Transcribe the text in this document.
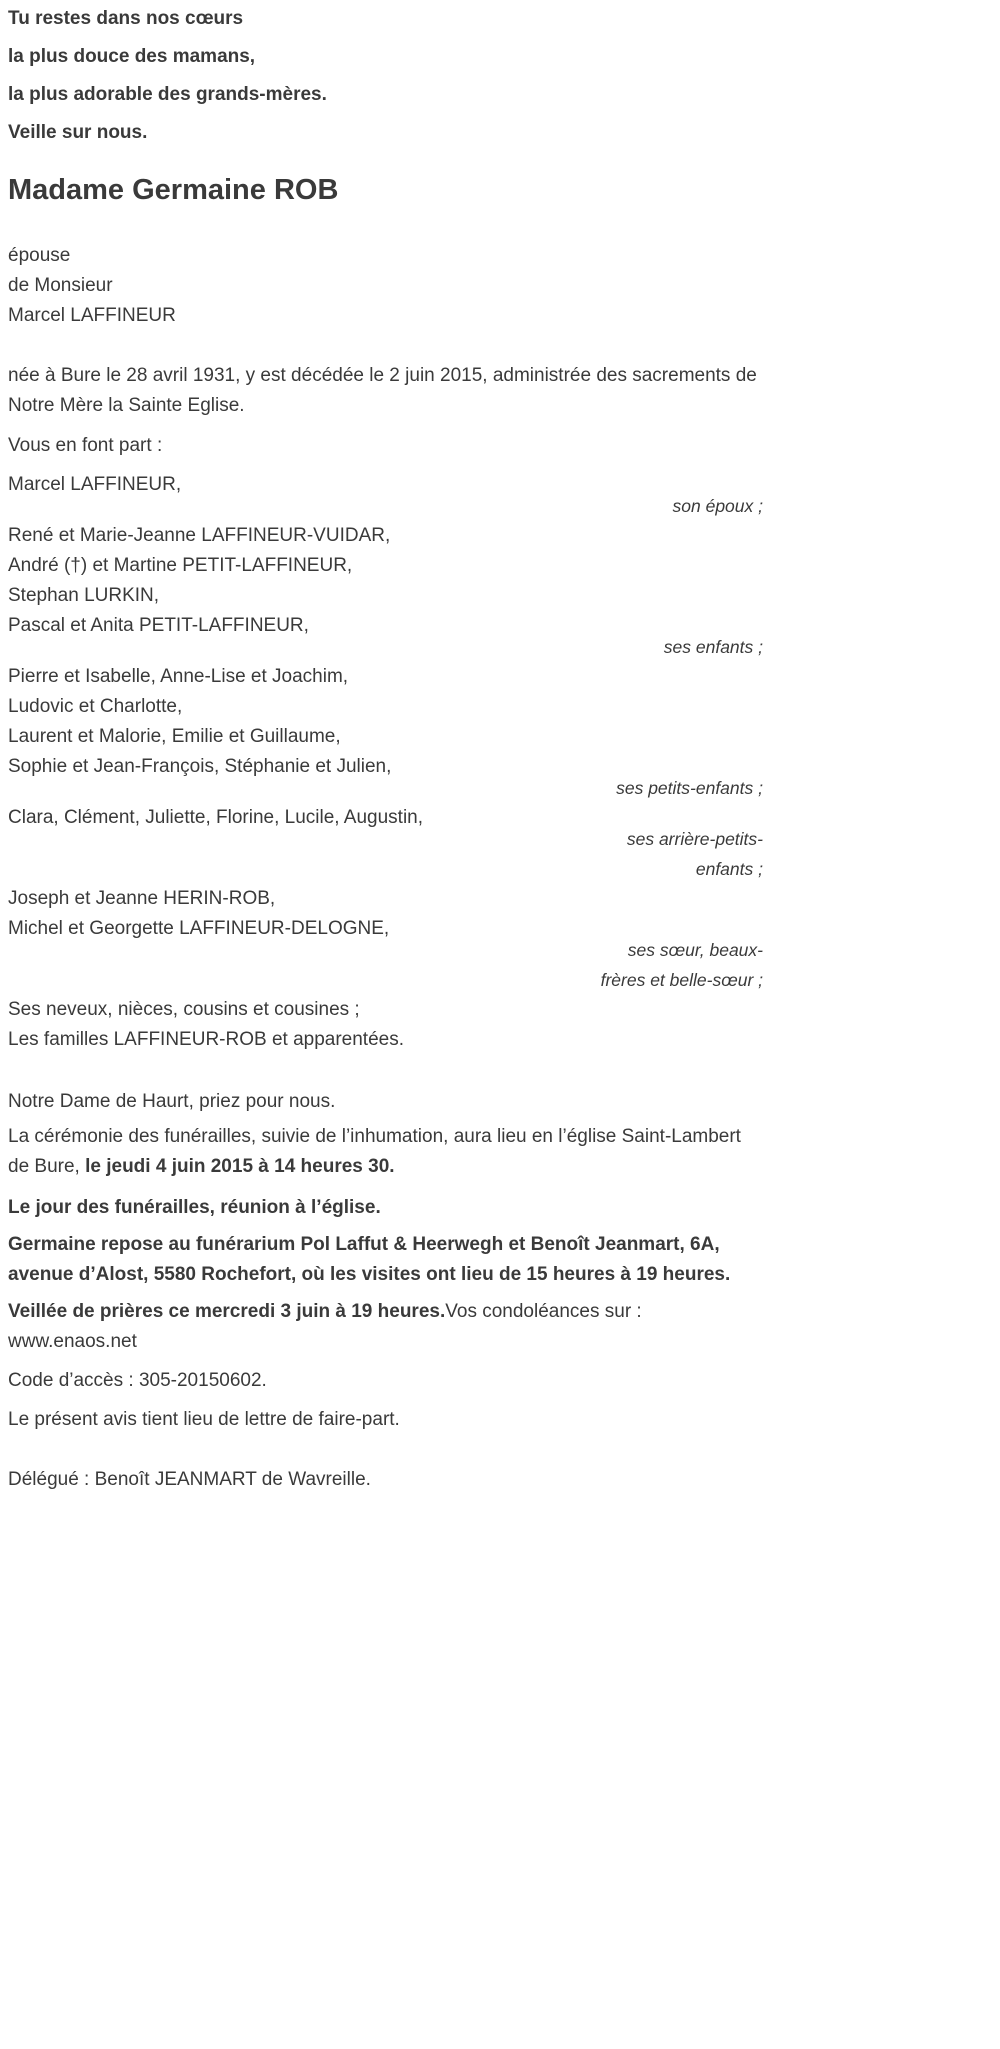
Tu restes dans nos cœurs

la plus douce des mamans,

la plus adorable des grands-mères.

Veille sur nous.

Madame Germaine ROB

épouse

de Monsieur

Marcel LAFFINEUR

née à Bure le 28 avril 1931, y est décédée le 2 juin 2015, administrée des sacrements de Notre Mère la Sainte Eglise.

Vous en font part :

Marcel LAFFINEUR,

son époux ;

René et Marie-Jeanne LAFFINEUR-VUIDAR,

André (†) et Martine PETIT-LAFFINEUR,

Stephan LURKIN,

Pascal et Anita PETIT-LAFFINEUR,

ses enfants ;

Pierre et Isabelle, Anne-Lise et Joachim,

Ludovic et Charlotte,

Laurent et Malorie, Emilie et Guillaume,

Sophie et Jean-François, Stéphanie et Julien,

ses petits-enfants ;

Clara, Clément, Juliette, Florine, Lucile, Augustin,

ses arrière-petits-enfants ;

Joseph et Jeanne HERIN-ROB,

Michel et Georgette LAFFINEUR-DELOGNE,

ses sœur, beaux-frères et belle-sœur ;

Ses neveux, nièces, cousins et cousines ;

Les familles LAFFINEUR-ROB et apparentées.

Notre Dame de Haurt, priez pour nous.

La cérémonie des funérailles, suivie de l’inhumation, aura lieu en l’église Saint-Lambert de Bure, le jeudi 4 juin 2015 à 14 heures 30.

Le jour des funérailles, réunion à l’église.

Germaine repose au funérarium Pol Laffut & Heerwegh et Benoît Jeanmart, 6A, avenue d’Alost, 5580 Rochefort, où les visites ont lieu de 15 heures à 19 heures.

Veillée de prières ce mercredi 3 juin à 19 heures.Vos condoléances sur :
www.enaos.net

Code d’accès : 305-20150602.

Le présent avis tient lieu de lettre de faire-part.

Délégué : Benoît JEANMART de Wavreille.
